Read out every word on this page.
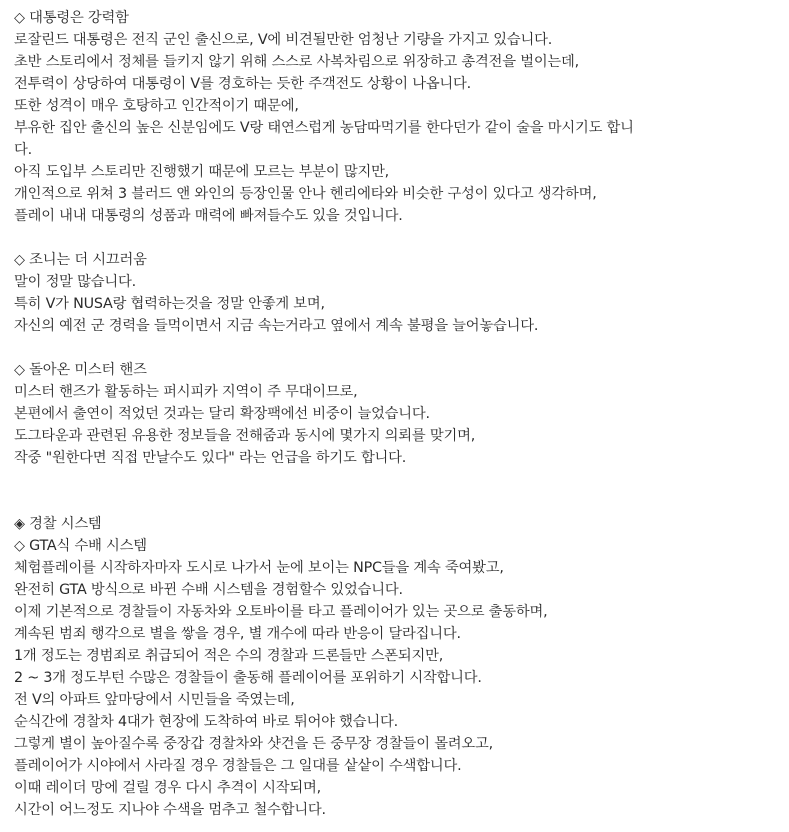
◇ 대통령은 강력함
로잘린드 대통령은 전직 군인 출신으로, V에 비견될만한 엄청난 기량을 가지고 있습니다.
초반 스토리에서 정체를 들키지 않기 위해 스스로 사복차림으로 위장하고 총격전을 벌이는데,
전투력이 상당하여 대통령이 V를 경호하는 듯한 주객전도 상황이 나옵니다.
또한 성격이 매우 호탕하고 인간적이기 때문에,
부유한 집안 출신의 높은 신분임에도 V랑 태연스럽게 농담따먹기를 한다던가 같이 술을 마시기도 합니
다.
아직 도입부 스토리만 진행했기 때문에 모르는 부분이 많지만,
개인적으로 위쳐 3 블러드 앤 와인의 등장인물 안나 헨리에타와 비슷한 구성이 있다고 생각하며,
플레이 내내 대통령의 성품과 매력에 빠져들수도 있을 것입니다.
◇ 조니는 더 시끄러움
말이 정말 많습니다.
특히 V가 NUSA랑 협력하는것을 정말 안좋게 보며,
자신의 예전 군 경력을 들먹이면서 지금 속는거라고 옆에서 계속 불평을 늘어놓습니다.
◇ 돌아온 미스터 핸즈
미스터 핸즈가 활동하는 퍼시피카 지역이 주 무대이므로,
본편에서 출연이 적었던 것과는 달리 확장팩에선 비중이 늘었습니다.
도그타운과 관련된 유용한 정보들을 전해줌과 동시에 몇가지 의뢰를 맞기며,
작중 "원한다면 직접 만날수도 있다" 라는 언급을 하기도 합니다.
◈ 경찰 시스템
◇ GTA식 수배 시스템
체험플레이를 시작하자마자 도시로 나가서 눈에 보이는 NPC들을 계속 죽여봤고,
완전히 GTA 방식으로 바뀐 수배 시스템을 경험할수 있었습니다.
이제 기본적으로 경찰들이 자동차와 오토바이를 타고 플레이어가 있는 곳으로 출동하며,
계속된 범죄 행각으로 별을 쌓을 경우, 별 개수에 따라 반응이 달라집니다.
1개 정도는 경범죄로 취급되어 적은 수의 경찰과 드론들만 스폰되지만,
2 ~ 3개 정도부턴 수많은 경찰들이 출동해 플레이어를 포위하기 시작합니다.
전 V의 아파트 앞마당에서 시민들을 죽였는데,
순식간에 경찰차 4대가 현장에 도착하여 바로 튀어야 했습니다.
그렇게 별이 높아질수록 중장갑 경찰차와 샷건을 든 중무장 경찰들이 몰려오고,
플레이어가 시야에서 사라질 경우 경찰들은 그 일대를 샅샅이 수색합니다.
이때 레이더 망에 걸릴 경우 다시 추격이 시작되며,
시간이 어느정도 지나야 수색을 멈추고 철수합니다.
